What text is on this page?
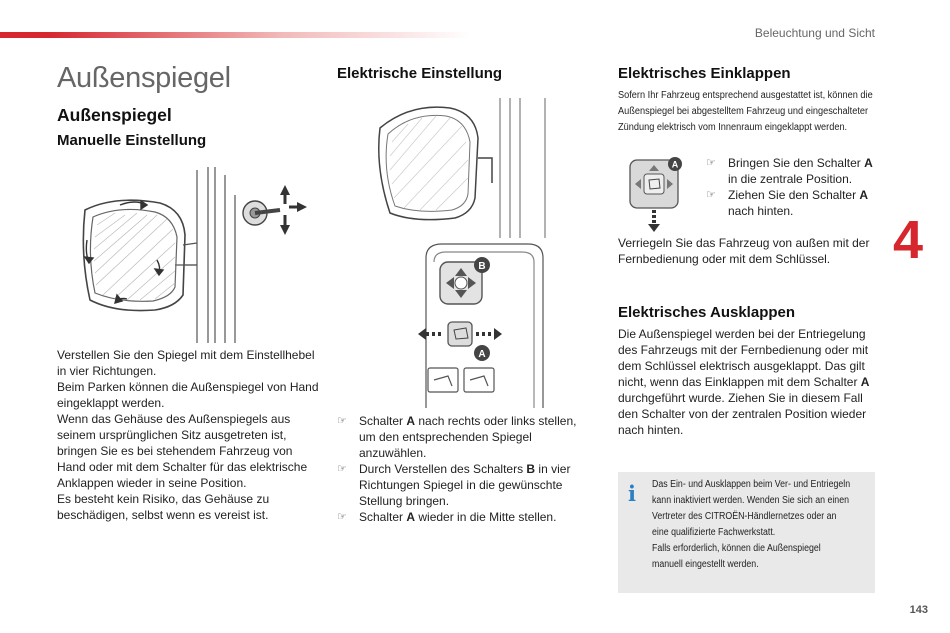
Beleuchtung und Sicht
Außenspiegel
Außenspiegel
Manuelle Einstellung

Verstellen Sie den Spiegel mit dem Einstellhebel in vier Richtungen.

Beim Parken können die Außenspiegel von Hand eingeklappt werden.

Wenn das Gehäuse des Außenspiegels aus seinem ursprünglichen Sitz ausgetreten ist, bringen Sie es bei stehendem Fahrzeug von Hand oder mit dem Schalter für das elektrische Anklappen wieder in seine Position.

Es besteht kein Risiko, das Gehäuse zu beschädigen, selbst wenn es vereist ist.

Elektrische Einstellung
B
A
☞ Schalter A nach rechts oder links stellen, um den entsprechenden Spiegel anzuwählen.
☞ Durch Verstellen des Schalters B in vier Richtungen Spiegel in die gewünschte Stellung bringen.
☞ Schalter A wieder in die Mitte stellen.
Elektrisches Einklappen
Sofern Ihr Fahrzeug entsprechend ausgestattet ist, können die Außenspiegel bei abgestelltem Fahrzeug und eingeschalteter Zündung elektrisch vom Innenraum eingeklappt werden.
A	☞ Bringen Sie den Schalter A in die zentrale Position.
☞ Ziehen Sie den Schalter A nach hinten.
Verriegeln Sie das Fahrzeug von außen mit der Fernbedienung oder mit dem Schlüssel.
Elektrisches Ausklappen
Die Außenspiegel werden bei der Entriegelung des Fahrzeugs mit der Fernbedienung oder mit dem Schlüssel elektrisch ausgeklappt. Das gilt nicht, wenn das Einklappen mit dem Schalter A durchgeführt wurde. Ziehen Sie in diesem Fall den Schalter von der zentralen Position wieder nach hinten.
4
i Das Ein- und Ausklappen beim Ver- und Entriegeln
kann inaktiviert werden. Wenden Sie sich an einen
Vertreter des CITROËN-Händlernetzes oder an
eine qualifizierte Fachwerkstatt.
Falls erforderlich, können die Außenspiegel
manuell eingestellt werden.
143
